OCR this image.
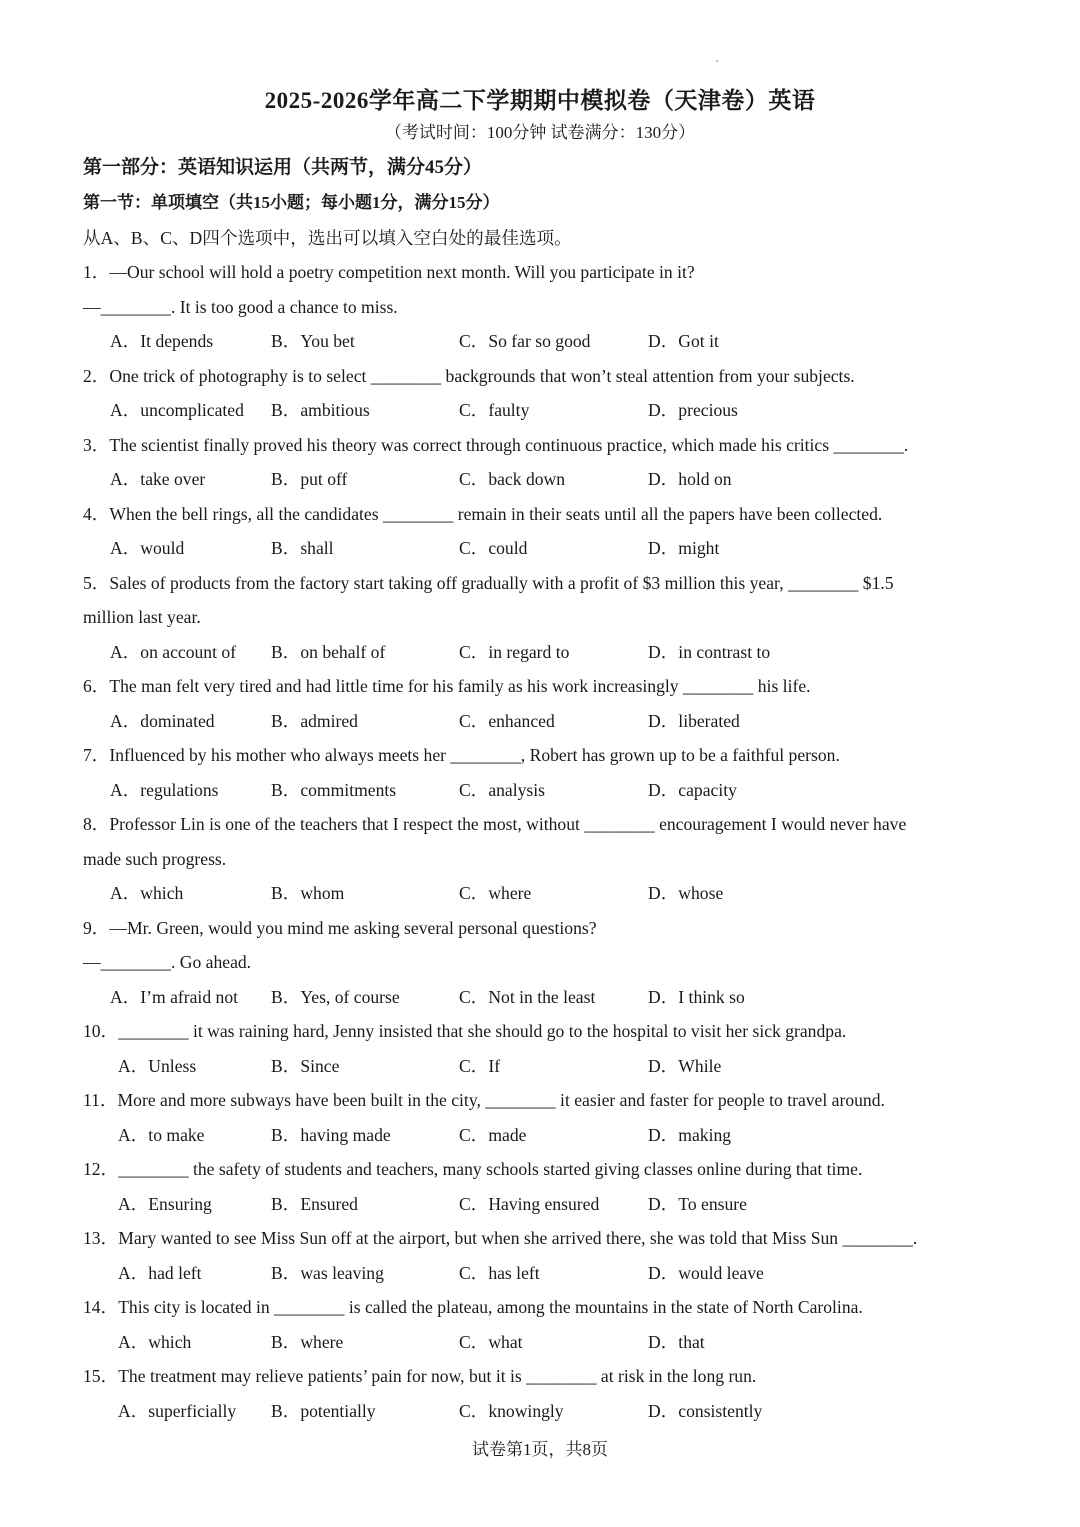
2025-2026学年高二下学期期中模拟卷（天津卷）英语
（考试时间：100分钟 试卷满分：130分）
第一部分：英语知识运用（共两节，满分45分）
第一节：单项填空（共15小题；每小题1分，满分15分）
从A、B、C、D四个选项中，选出可以填入空白处的最佳选项。
1．—Our school will hold a poetry competition next month. Will you participate in it?
—________. It is too good a chance to miss.
A．It depends	B．You bet	C．So far so good	D．Got it
2．One trick of photography is to select ________ backgrounds that won’t steal attention from your subjects.
A．uncomplicated B．ambitious	C．faulty	D．precious
3．The scientist finally proved his theory was correct through continuous practice, which made his critics ________.
A．take over	B．put off	C．back down	D．hold on
4．When the bell rings, all the candidates ________ remain in their seats until all the papers have been collected.
A．would	B．shall	C．could	D．might
5．Sales of products from the factory start taking off gradually with a profit of $3 million this year, ________ $1.5
million last year.
A．on account of B．on behalf of	C．in regard to	D．in contrast to
6．The man felt very tired and had little time for his family as his work increasingly ________ his life.
A．dominated	B．admired	C．enhanced	D．liberated
7．Influenced by his mother who always meets her ________, Robert has grown up to be a faithful person.
A．regulations	B．commitments	C．analysis	D．capacity
8．Professor Lin is one of the teachers that I respect the most, without ________ encouragement I would never have
made such progress.
A．which	B．whom	C．where	D．whose
9．—Mr. Green, would you mind me asking several personal questions?
—________. Go ahead.
A．I’m afraid not B．Yes, of course	C．Not in the least	D．I think so
10．________ it was raining hard, Jenny insisted that she should go to the hospital to visit her sick grandpa.
A．Unless	B．Since	C．If	D．While
11．More and more subways have been built in the city, ________ it easier and faster for people to travel around.
A．to make	B．having made	C．made	D．making
12．________ the safety of students and teachers, many schools started giving classes online during that time.
A．Ensuring	B．Ensured	C．Having ensured	D．To ensure
13．Mary wanted to see Miss Sun off at the airport, but when she arrived there, she was told that Miss Sun ________.
A．had left	B．was leaving	C．has left	D．would leave
14．This city is located in ________ is called the plateau, among the mountains in the state of North Carolina.
A．which	B．where	C．what	D．that
15．The treatment may relieve patients’ pain for now, but it is ________ at risk in the long run.
A．superficially B．potentially	C．knowingly	D．consistently
试卷第1页，共8页
